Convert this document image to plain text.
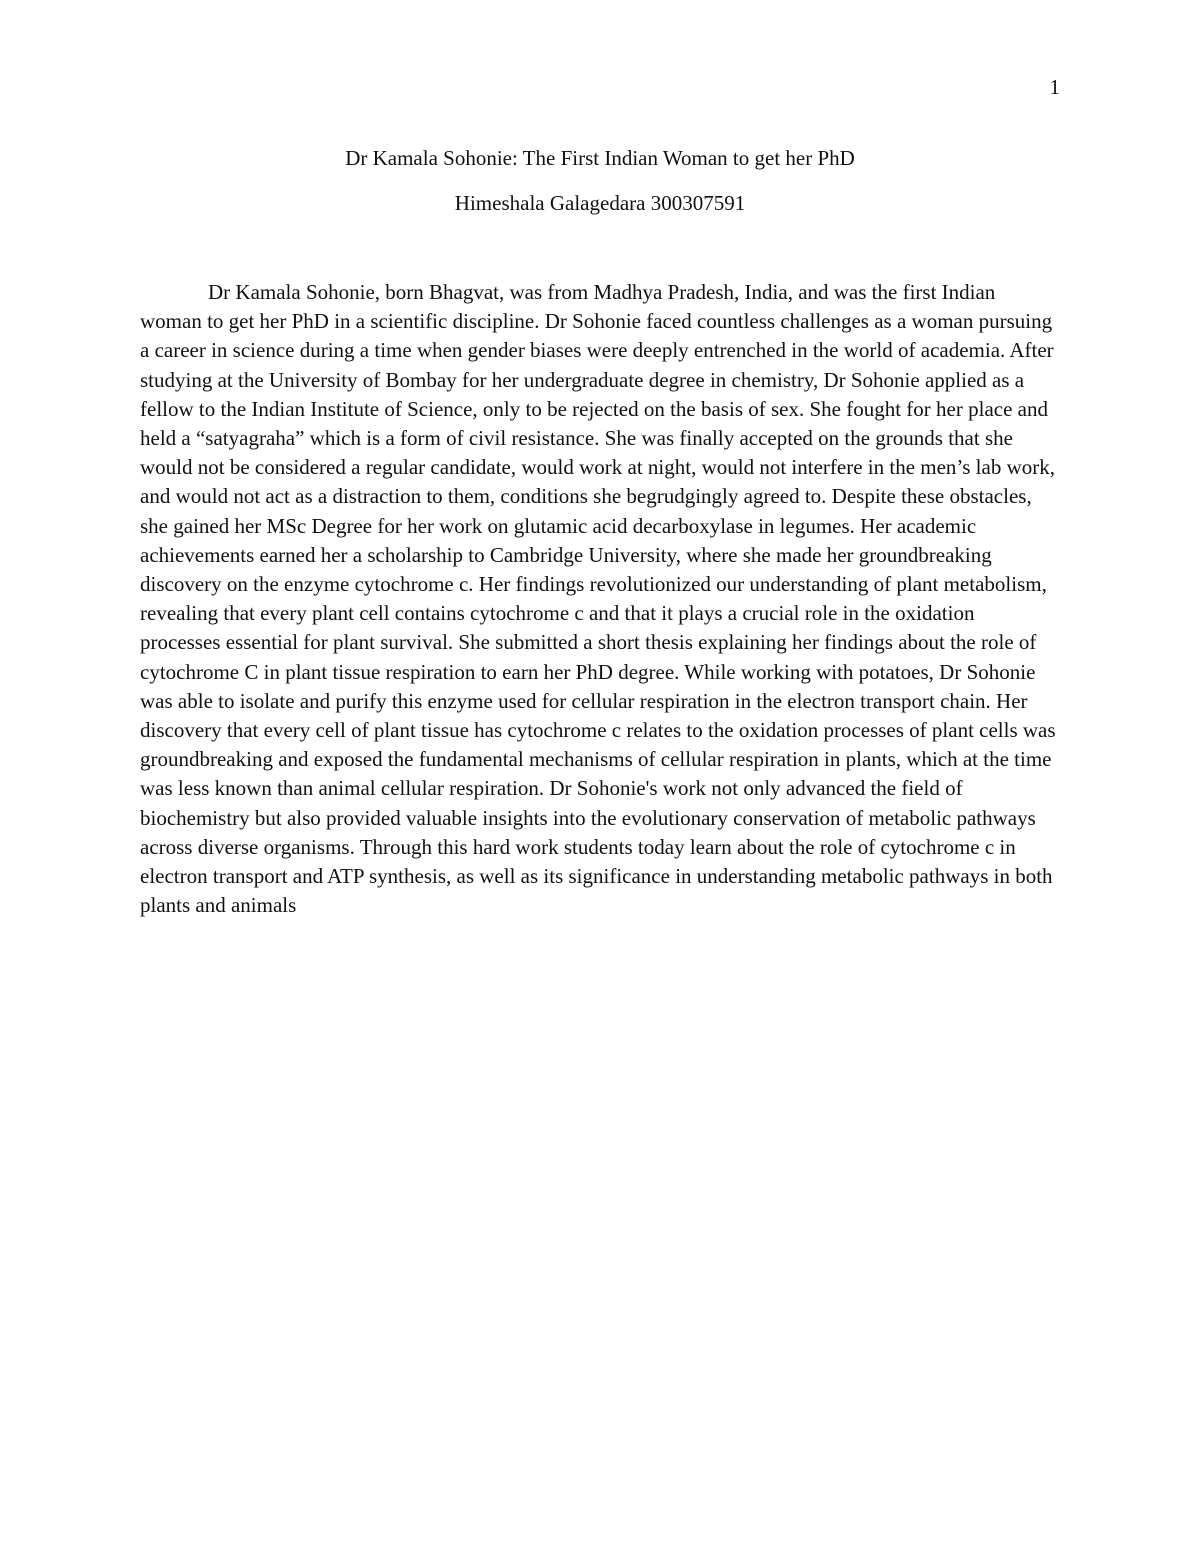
1
Dr Kamala Sohonie: The First Indian Woman to get her PhD

Himeshala Galagedara 300307591

Dr Kamala Sohonie, born Bhagvat, was from Madhya Pradesh, India, and was the first Indian woman to get her PhD in a scientific discipline. Dr Sohonie faced countless challenges as a woman pursuing a career in science during a time when gender biases were deeply entrenched in the world of academia. After studying at the University of Bombay for her undergraduate degree in chemistry, Dr Sohonie applied as a fellow to the Indian Institute of Science, only to be rejected on the basis of sex. She fought for her place and held a “satyagraha” which is a form of civil resistance. She was finally accepted on the grounds that she would not be considered a regular candidate, would work at night, would not interfere in the men’s lab work, and would not act as a distraction to them, conditions she begrudgingly agreed to. Despite these obstacles, she gained her MSc Degree for her work on glutamic acid decarboxylase in legumes. Her academic achievements earned her a scholarship to Cambridge University, where she made her groundbreaking discovery on the enzyme cytochrome c. Her findings revolutionized our understanding of plant metabolism, revealing that every plant cell contains cytochrome c and that it plays a crucial role in the oxidation processes essential for plant survival. She submitted a short thesis explaining her findings about the role of cytochrome C in plant tissue respiration to earn her PhD degree. While working with potatoes, Dr Sohonie was able to isolate and purify this enzyme used for cellular respiration in the electron transport chain. Her discovery that every cell of plant tissue has cytochrome c relates to the oxidation processes of plant cells was groundbreaking and exposed the fundamental mechanisms of cellular respiration in plants, which at the time was less known than animal cellular respiration. Dr Sohonie's work not only advanced the field of biochemistry but also provided valuable insights into the evolutionary conservation of metabolic pathways across diverse organisms. Through this hard work students today learn about the role of cytochrome c in electron transport and ATP synthesis, as well as its significance in understanding metabolic pathways in both plants and animals
